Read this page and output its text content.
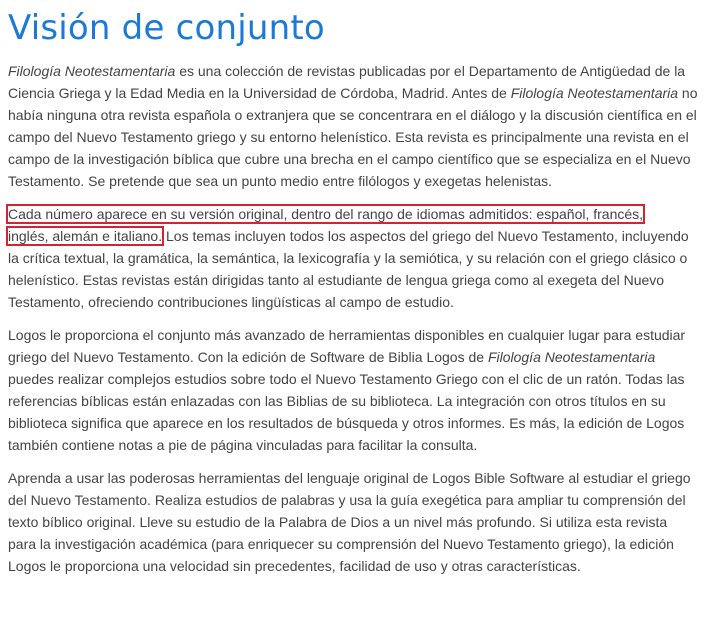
Visión de conjunto

Filología Neotestamentaria es una colección de revistas publicadas por el Departamento de Antigüedad de la Ciencia Griega y la Edad Media en la Universidad de Córdoba, Madrid. Antes de Filología Neotestamentaria no había ninguna otra revista española o extranjera que se concentrara en el diálogo y la discusión científica en el campo del Nuevo Testamento griego y su entorno helenístico. Esta revista es principalmente una revista en el campo de la investigación bíblica que cubre una brecha en el campo científico que se especializa en el Nuevo Testamento. Se pretende que sea un punto medio entre filólogos y exegetas helenistas.

Cada número aparece en su versión original, dentro del rango de idiomas admitidos: español, francés,
inglés, alemán e italiano. Los temas incluyen todos los aspectos del griego del Nuevo Testamento, incluyendo la crítica textual, la gramática, la semántica, la lexicografía y la semiótica, y su relación con el griego clásico o helenístico. Estas revistas están dirigidas tanto al estudiante de lengua griega como al exegeta del Nuevo Testamento, ofreciendo contribuciones lingüísticas al campo de estudio.

Logos le proporciona el conjunto más avanzado de herramientas disponibles en cualquier lugar para estudiar griego del Nuevo Testamento. Con la edición de Software de Biblia Logos de Filología Neotestamentaria puedes realizar complejos estudios sobre todo el Nuevo Testamento Griego con el clic de un ratón. Todas las referencias bíblicas están enlazadas con las Biblias de su biblioteca. La integración con otros títulos en su biblioteca significa que aparece en los resultados de búsqueda y otros informes. Es más, la edición de Logos también contiene notas a pie de página vinculadas para facilitar la consulta.

Aprenda a usar las poderosas herramientas del lenguaje original de Logos Bible Software al estudiar el griego del Nuevo Testamento. Realiza estudios de palabras y usa la guía exegética para ampliar tu comprensión del texto bíblico original. Lleve su estudio de la Palabra de Dios a un nivel más profundo. Si utiliza esta revista para la investigación académica (para enriquecer su comprensión del Nuevo Testamento griego), la edición Logos le proporciona una velocidad sin precedentes, facilidad de uso y otras características.
